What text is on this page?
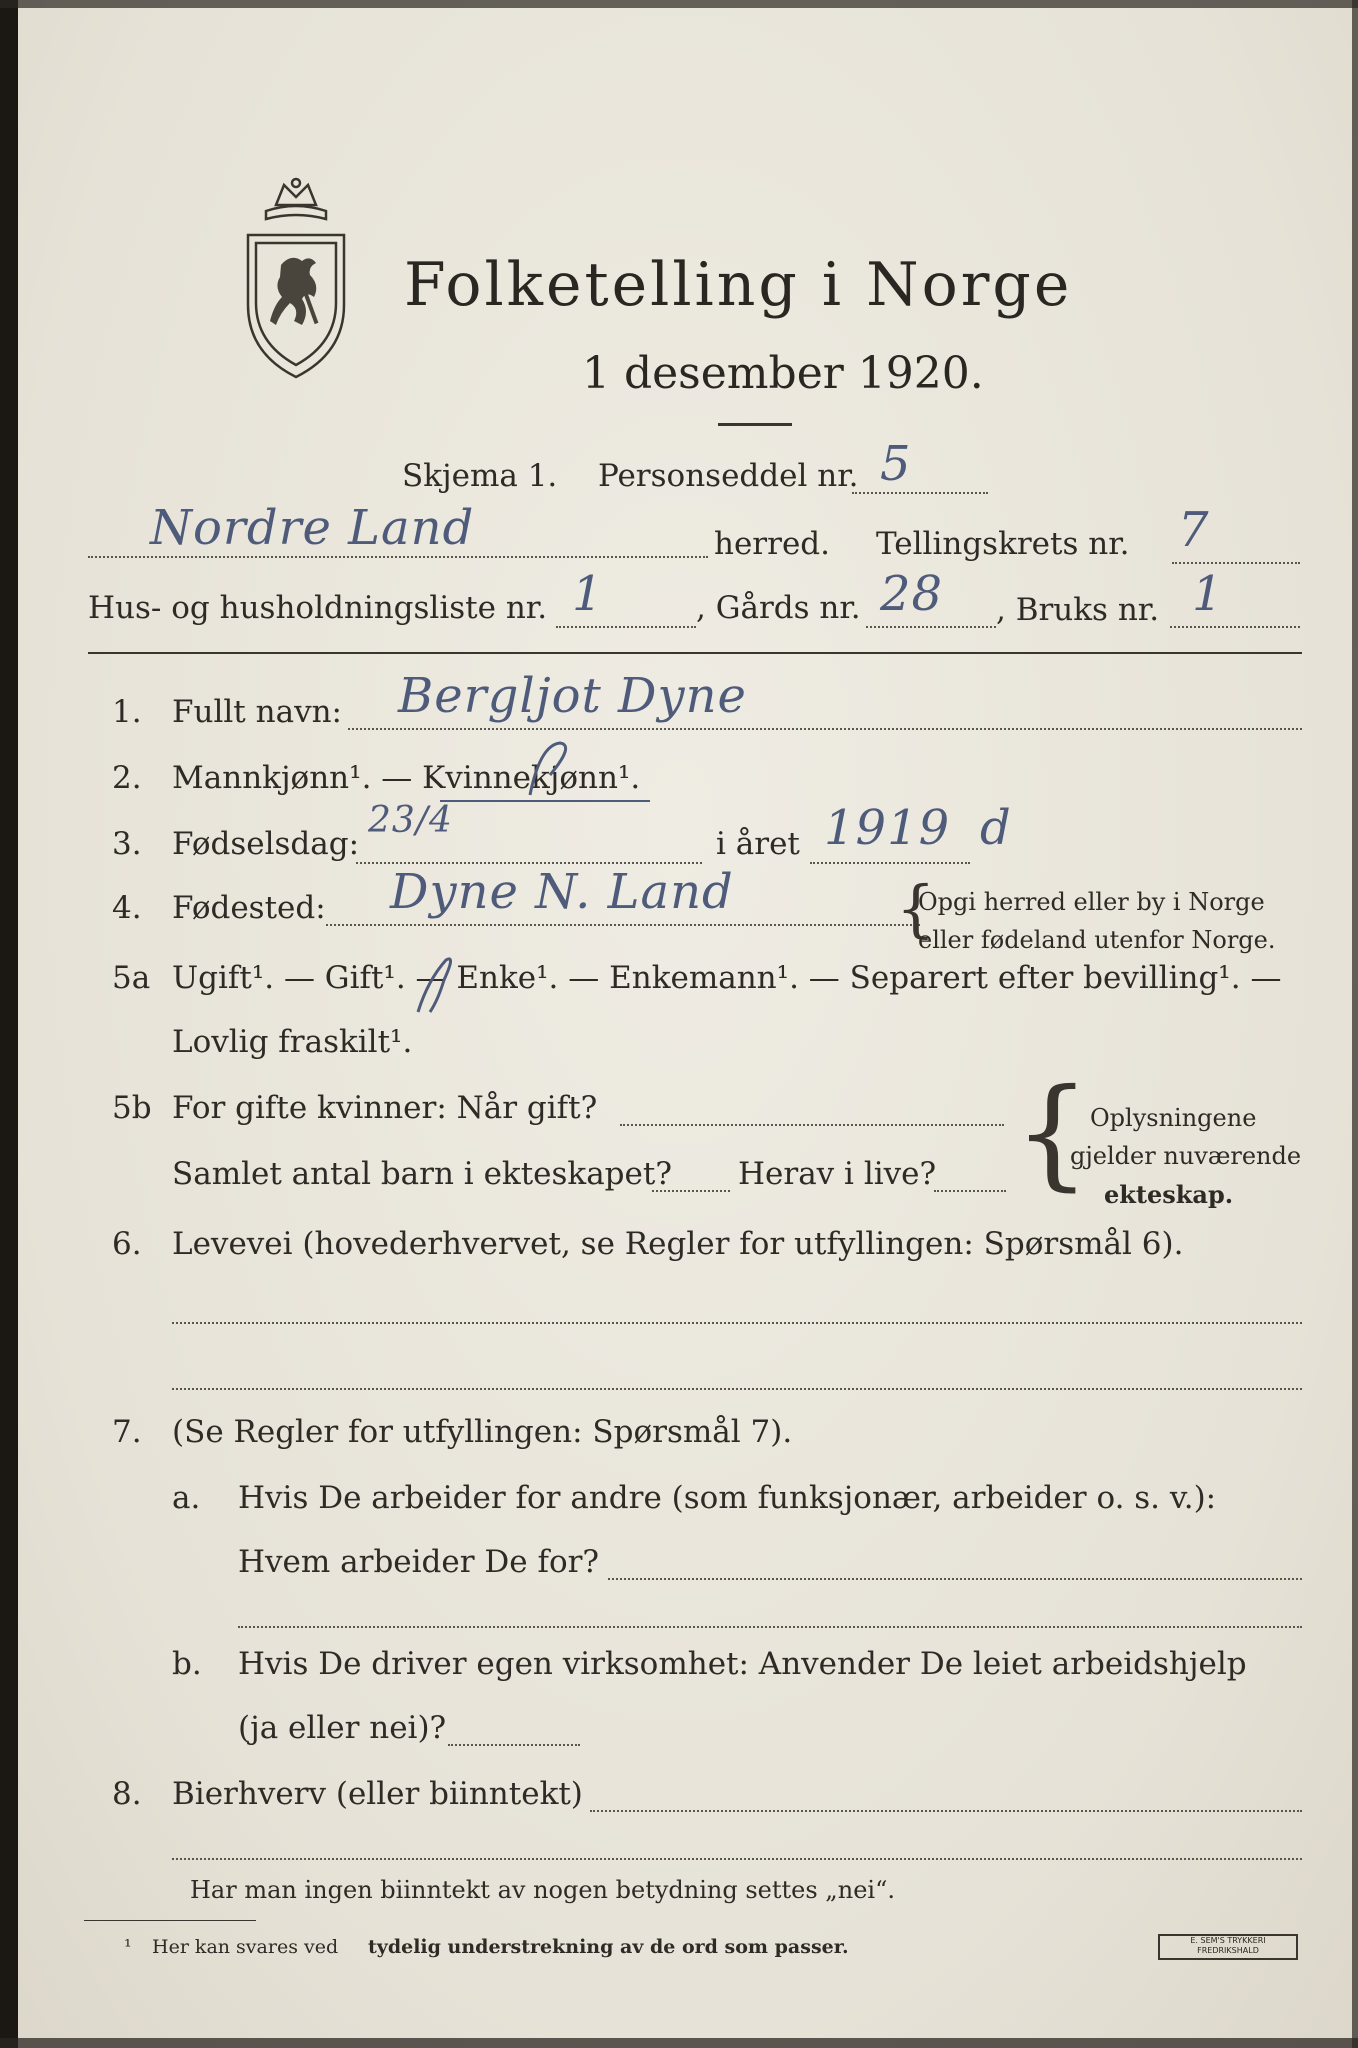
Folketelling i Norge
1 desember 1920.
Skjema 1. Personseddel nr. 5
Nordre Land	herred. Tellingskrets nr. 7
Hus- og husholdningsliste nr. 1	, Gårds nr. 28 , Bruks nr. 1
1. Fullt navn: Bergljot Dyne
2. Mannkjønn¹. — Kvinnekjønn¹.
3. Fødselsdag:
23/4
i året 1919 d
4. Fødested: Dyne N. Land	{
Opgi herred eller by i Norge
eller fødeland utenfor Norge.
5a Ugift¹. — Gift¹. — Enke¹. — Enkemann¹. — Separert efter bevilling¹. —
Lovlig fraskilt¹.
5b For gifte kvinner: Når gift?
Samlet antal barn i ekteskapet? Herav i live? { Oplysningene
gjelder nuværende
ekteskap.
6. Levevei (hovederhvervet, se Regler for utfyllingen: Spørsmål 6).
7. (Se Regler for utfyllingen: Spørsmål 7).
a. Hvis De arbeider for andre (som funksjonær, arbeider o. s. v.):
Hvem arbeider De for?
b. Hvis De driver egen virksomhet: Anvender De leiet arbeidshjelp
(ja eller nei)?
8. Bierhverv (eller biinntekt)
Har man ingen biinntekt av nogen betydning settes „nei“.
¹ Her kan svares ved tydelig understrekning av de ord som passer.	E. SEM'S TRYKKERI FREDRIKSHALD
